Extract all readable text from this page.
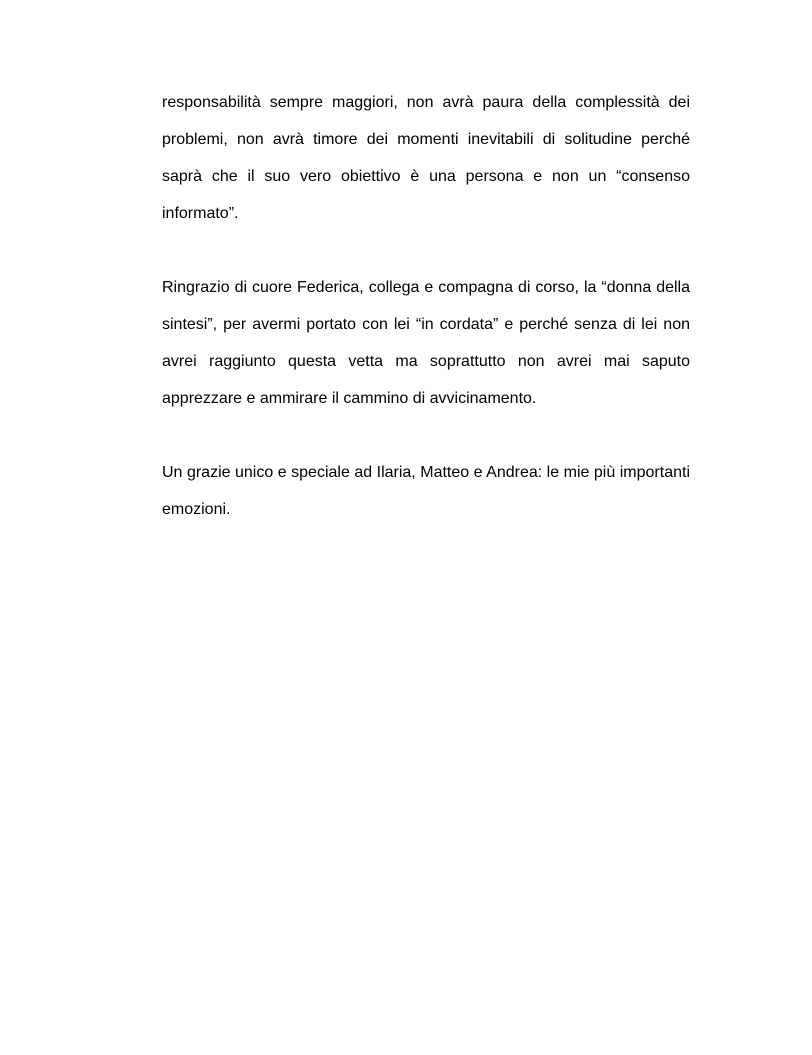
responsabilità sempre maggiori, non avrà paura della complessità dei
problemi, non avrà timore dei momenti inevitabili di solitudine perché
saprà che il suo vero obiettivo è una persona e non un “consenso
informato”.
Ringrazio di cuore Federica, collega e compagna di corso, la “donna della
sintesi”, per avermi portato con lei “in cordata” e perché senza di lei non
avrei raggiunto questa vetta ma soprattutto non avrei mai saputo
apprezzare e ammirare il cammino di avvicinamento.
Un grazie unico e speciale ad Ilaria, Matteo e Andrea: le mie più importanti
emozioni.
